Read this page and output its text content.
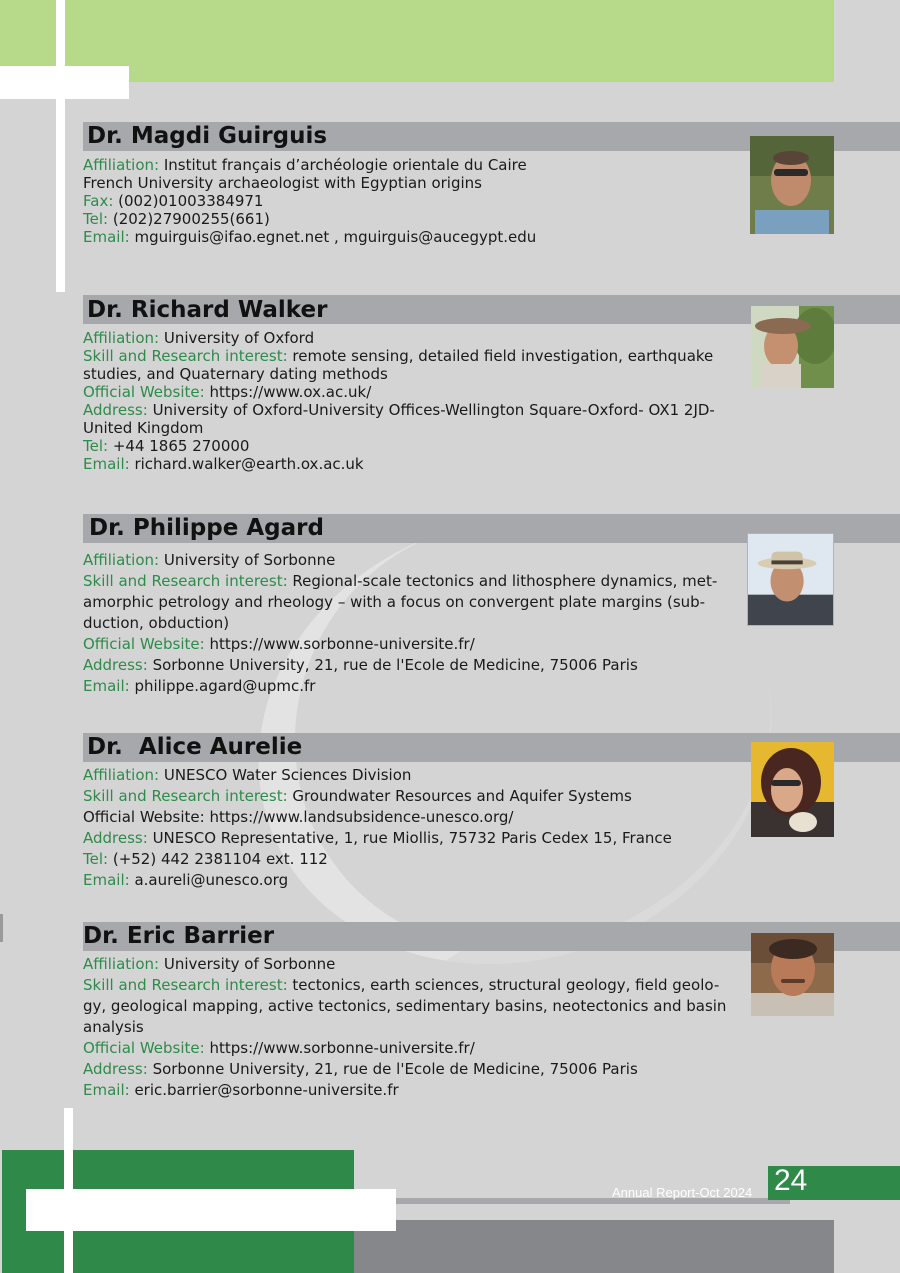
Dr. Magdi Guirguis

Affiliation: Institut français d’archéologie orientale du Caire

French University archaeologist with Egyptian origins

Fax: (002)01003384971

Tel: (202)27900255(661)

Email: mguirguis@ifao.egnet.net , mguirguis@aucegypt.edu

Dr. Richard Walker

Affiliation: University of Oxford

Skill and Research interest: remote sensing, detailed field investigation, earthquake studies, and Quaternary dating methods

Official Website: https://www.ox.ac.uk/

Address: University of Oxford-University Offices-Wellington Square-Oxford- OX1 2JD-United Kingdom

Tel: +44 1865 270000

Email: richard.walker@earth.ox.ac.uk

Dr. Philippe Agard

Affiliation: University of Sorbonne

Skill and Research interest: Regional-scale tectonics and lithosphere dynamics, met-amorphic petrology and rheology – with a focus on convergent plate margins (sub-duction, obduction)

Official Website: https://www.sorbonne-universite.fr/

Address: Sorbonne University, 21, rue de l'Ecole de Medicine, 75006 Paris

Email: philippe.agard@upmc.fr

Dr.  Alice Aurelie

Affiliation: UNESCO Water Sciences Division

Skill and Research interest: Groundwater Resources and Aquifer Systems

Official Website: https://www.landsubsidence-unesco.org/

Address: UNESCO Representative, 1, rue Miollis, 75732 Paris Cedex 15, France

Tel: (+52) 442 2381104 ext. 112

Email: a.aureli@unesco.org

Dr. Eric Barrier

Affiliation: University of Sorbonne

Skill and Research interest: tectonics, earth sciences, structural geology, field geolo-gy, geological mapping, active tectonics, sedimentary basins, neotectonics and basin analysis

Official Website: https://www.sorbonne-universite.fr/

Address: Sorbonne University, 21, rue de l'Ecole de Medicine, 75006 Paris

Email: eric.barrier@sorbonne-universite.fr

Annual Report-Oct 2024 24
